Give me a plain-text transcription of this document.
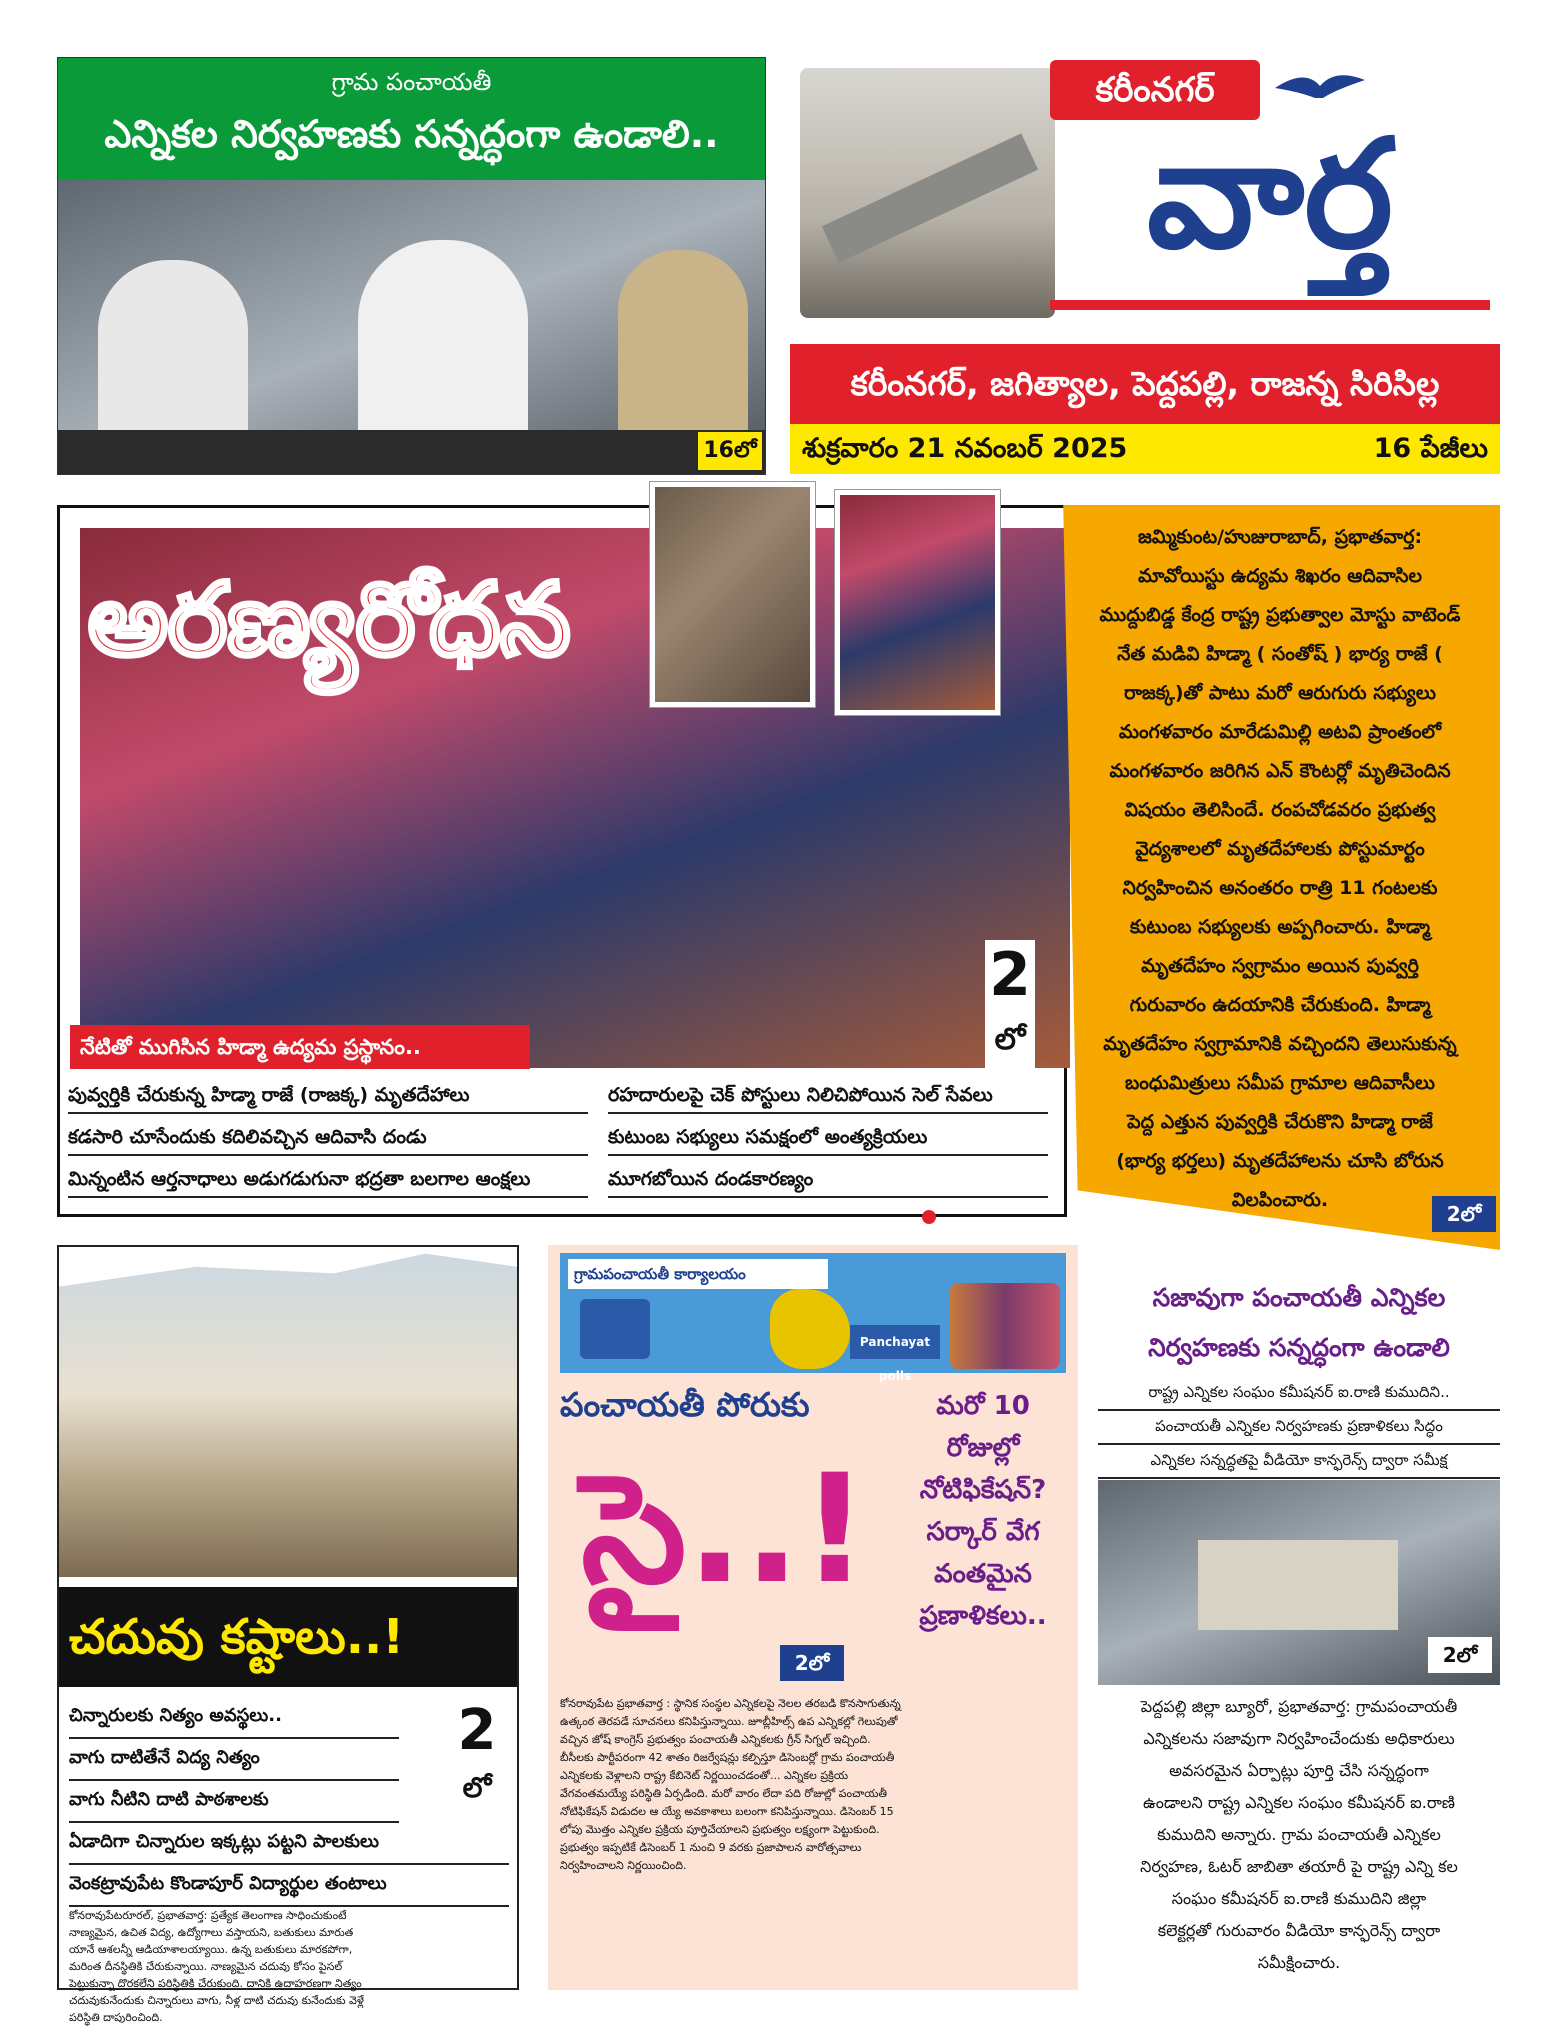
గ్రామ పంచాయతీ
ఎన్నికల నిర్వహణకు సన్నద్ధంగా ఉండాలి..
16లో
కరీంనగర్
వార్త
కరీంనగర్, జగిత్యాల, పెద్దపల్లి, రాజన్న సిరిసిల్ల
శుక్రవారం 21 నవంబర్ 2025	16 పేజీలు
అరణ్యరోధన
2
లో
నేటితో ముగిసిన హిడ్మా ఉద్యమ ప్రస్థానం..
పువ్వర్తికి చేరుకున్న హిడ్మా రాజే (రాజక్క) మృతదేహాలు	రహదారులపై చెక్ పోస్టులు నిలిచిపోయిన సెల్ సేవలు
కడసారి చూసేందుకు కదిలివచ్చిన ఆదివాసి దండు	కుటుంబ సభ్యులు సమక్షంలో అంత్యక్రియలు
మిన్నంటిన ఆర్తనాధాలు అడుగడుగునా భద్రతా బలగాల ఆంక్షలు	మూగబోయిన దండకారణ్యం
జమ్మికుంట/హుజురాబాద్, ప్రభాతవార్త:
మావోయిస్టు ఉద్యమ శిఖరం ఆదివాసిల
ముద్దుబిడ్డ కేంద్ర రాష్ట్ర ప్రభుత్వాల మోస్టు వాటెండ్
నేత మడివి హిడ్మా ( సంతోష్ ) భార్య రాజే (
రాజక్క)తో పాటు మరో ఆరుగురు సభ్యులు
మంగళవారం మారేడుమిల్లి అటవి ప్రాంతంలో
మంగళవారం జరిగిన ఎన్ కౌంటర్లో మృతిచెందిన
విషయం తెలిసిందే. రంపచోడవరం ప్రభుత్వ
వైద్యశాలలో మృతదేహాలకు పోస్టుమార్టం
నిర్వహించిన అనంతరం రాత్రి 11 గంటలకు
కుటుంబ సభ్యులకు అప్పగించారు. హిడ్మా
మృతదేహం స్వగ్రామం అయిన పువ్వర్తి
గురువారం ఉదయానికి చేరుకుంది. హిడ్మా
మృతదేహం స్వగ్రామానికి వచ్చిందని తెలుసుకున్న
బంధుమిత్రులు సమీప గ్రామాల ఆదివాసీలు
పెద్ద ఎత్తున పువ్వర్తికి చేరుకొని హిడ్మా రాజే
(భార్య భర్తలు) మృతదేహాలను చూసి బోరున
విలపించారు.
2లో
చదువు కష్టాలు..!
చిన్నారులకు నిత్యం అవస్థలు..
వాగు దాటితేనే విద్య నిత్యం
వాగు నీటిని దాటి పాఠశాలకు
ఏడాదిగా చిన్నారుల ఇక్కట్లు పట్టని పాలకులు
వెంకట్రావుపేట కొండాపూర్ విద్యార్థుల తంటాలు
2
లో
కోనరావుపేటరూరల్, ప్రభాతవార్త: ప్రత్యేక తెలంగాణ సాధించుకుంటే
నాణ్యమైన, ఉచిత విద్య, ఉద్యోగాలు వస్తాయని, బతుకులు మారుత
యానే ఆశలన్నీ ఆడియాశాలయ్యాయి. ఉన్న బతుకులు మారకపోగా,
మరింత దీనస్థితికి చేరుకున్నాయి. నాణ్యమైన చదువు కోసం పైసల్
పెట్టుకున్నా దొరకలేని పరిస్థితికి చేరుకుంది. దానికి ఉదాహరణగా నిత్యం
చదువుకునేందుకు చిన్నారులు వాగు, నీళ్ల దాటి చదువు కునేందుకు వెళ్లే
పరిస్థితి దాపురించింది.
గ్రామపంచాయతీ కార్యాలయం
Panchayat polls
పంచాయతీ పోరుకు
సై..!
మరో 10
రోజుల్లో
నోటిఫికేషన్?
సర్కార్ వేగ
వంతమైన
ప్రణాళికలు..
2లో
కోనరావుపేట ప్రభాతవార్త : స్థానిక సంస్థల ఎన్నికలపై నెలల తరబడి కొనసాగుతున్న
ఉత్కంఠ తెరపడే సూచనలు కనిపిస్తున్నాయి. జూబ్లీహిల్స్ ఉప ఎన్నికల్లో గెలుపుతో
వచ్చిన జోష్ కాంగ్రెస్ ప్రభుత్వం పంచాయతీ ఎన్నికలకు గ్రీన్ సిగ్నల్ ఇచ్చింది.
బీసీలకు పార్టీపరంగా 42 శాతం రిజర్వేషన్లు కల్పిస్తూ డిసెంబర్లో గ్రామ పంచాయతీ
ఎన్నికలకు వెళ్లాలని రాష్ట్ర కేబినెట్ నిర్ణయించడంతో... ఎన్నికల ప్రక్రియ
వేగవంతమయ్యే పరిస్థితి ఏర్పడింది. మరో వారం లేదా పది రోజుల్లో పంచాయతీ
నోటిఫికేషన్ విడుదల ఆ య్యే అవకాశాలు బలంగా కనిపిస్తున్నాయి. డిసెంబర్ 15
లోపు మొత్తం ఎన్నికల ప్రక్రియ పూర్తిచేయాలని ప్రభుత్వం లక్ష్యంగా పెట్టుకుంది.
ప్రభుత్వం ఇప్పటికే డిసెంబర్ 1 నుంచి 9 వరకు ప్రజాపాలన వారోత్సవాలు
నిర్వహించాలని నిర్ణయించింది.
సజావుగా పంచాయతీ ఎన్నికల
నిర్వహణకు సన్నద్ధంగా ఉండాలి
రాష్ట్ర ఎన్నికల సంఘం కమీషనర్ ఐ.రాణి కుముదిని..
పంచాయతీ ఎన్నికల నిర్వహణకు ప్రణాళికలు సిద్ధం
ఎన్నికల సన్నద్ధతపై వీడియో కాన్ఫరెన్స్ ద్వారా సమీక్ష
2లో
పెద్దపల్లి జిల్లా బ్యూరో, ప్రభాతవార్త: గ్రామపంచాయతీ
ఎన్నికలను సజావుగా నిర్వహించేందుకు అధికారులు
అవసరమైన ఏర్పాట్లు పూర్తి చేసి సన్నద్ధంగా
ఉండాలని రాష్ట్ర ఎన్నికల సంఘం కమీషనర్ ఐ.రాణి
కుముదిని అన్నారు. గ్రామ పంచాయతీ ఎన్నికల
నిర్వహణ, ఓటర్ జాబితా తయారీ పై రాష్ట్ర ఎన్ని కల
సంఘం కమీషనర్ ఐ.రాణి కుముదిని జిల్లా
కలెక్టర్లతో గురువారం వీడియో కాన్ఫరెన్స్ ద్వారా
సమీక్షించారు.
